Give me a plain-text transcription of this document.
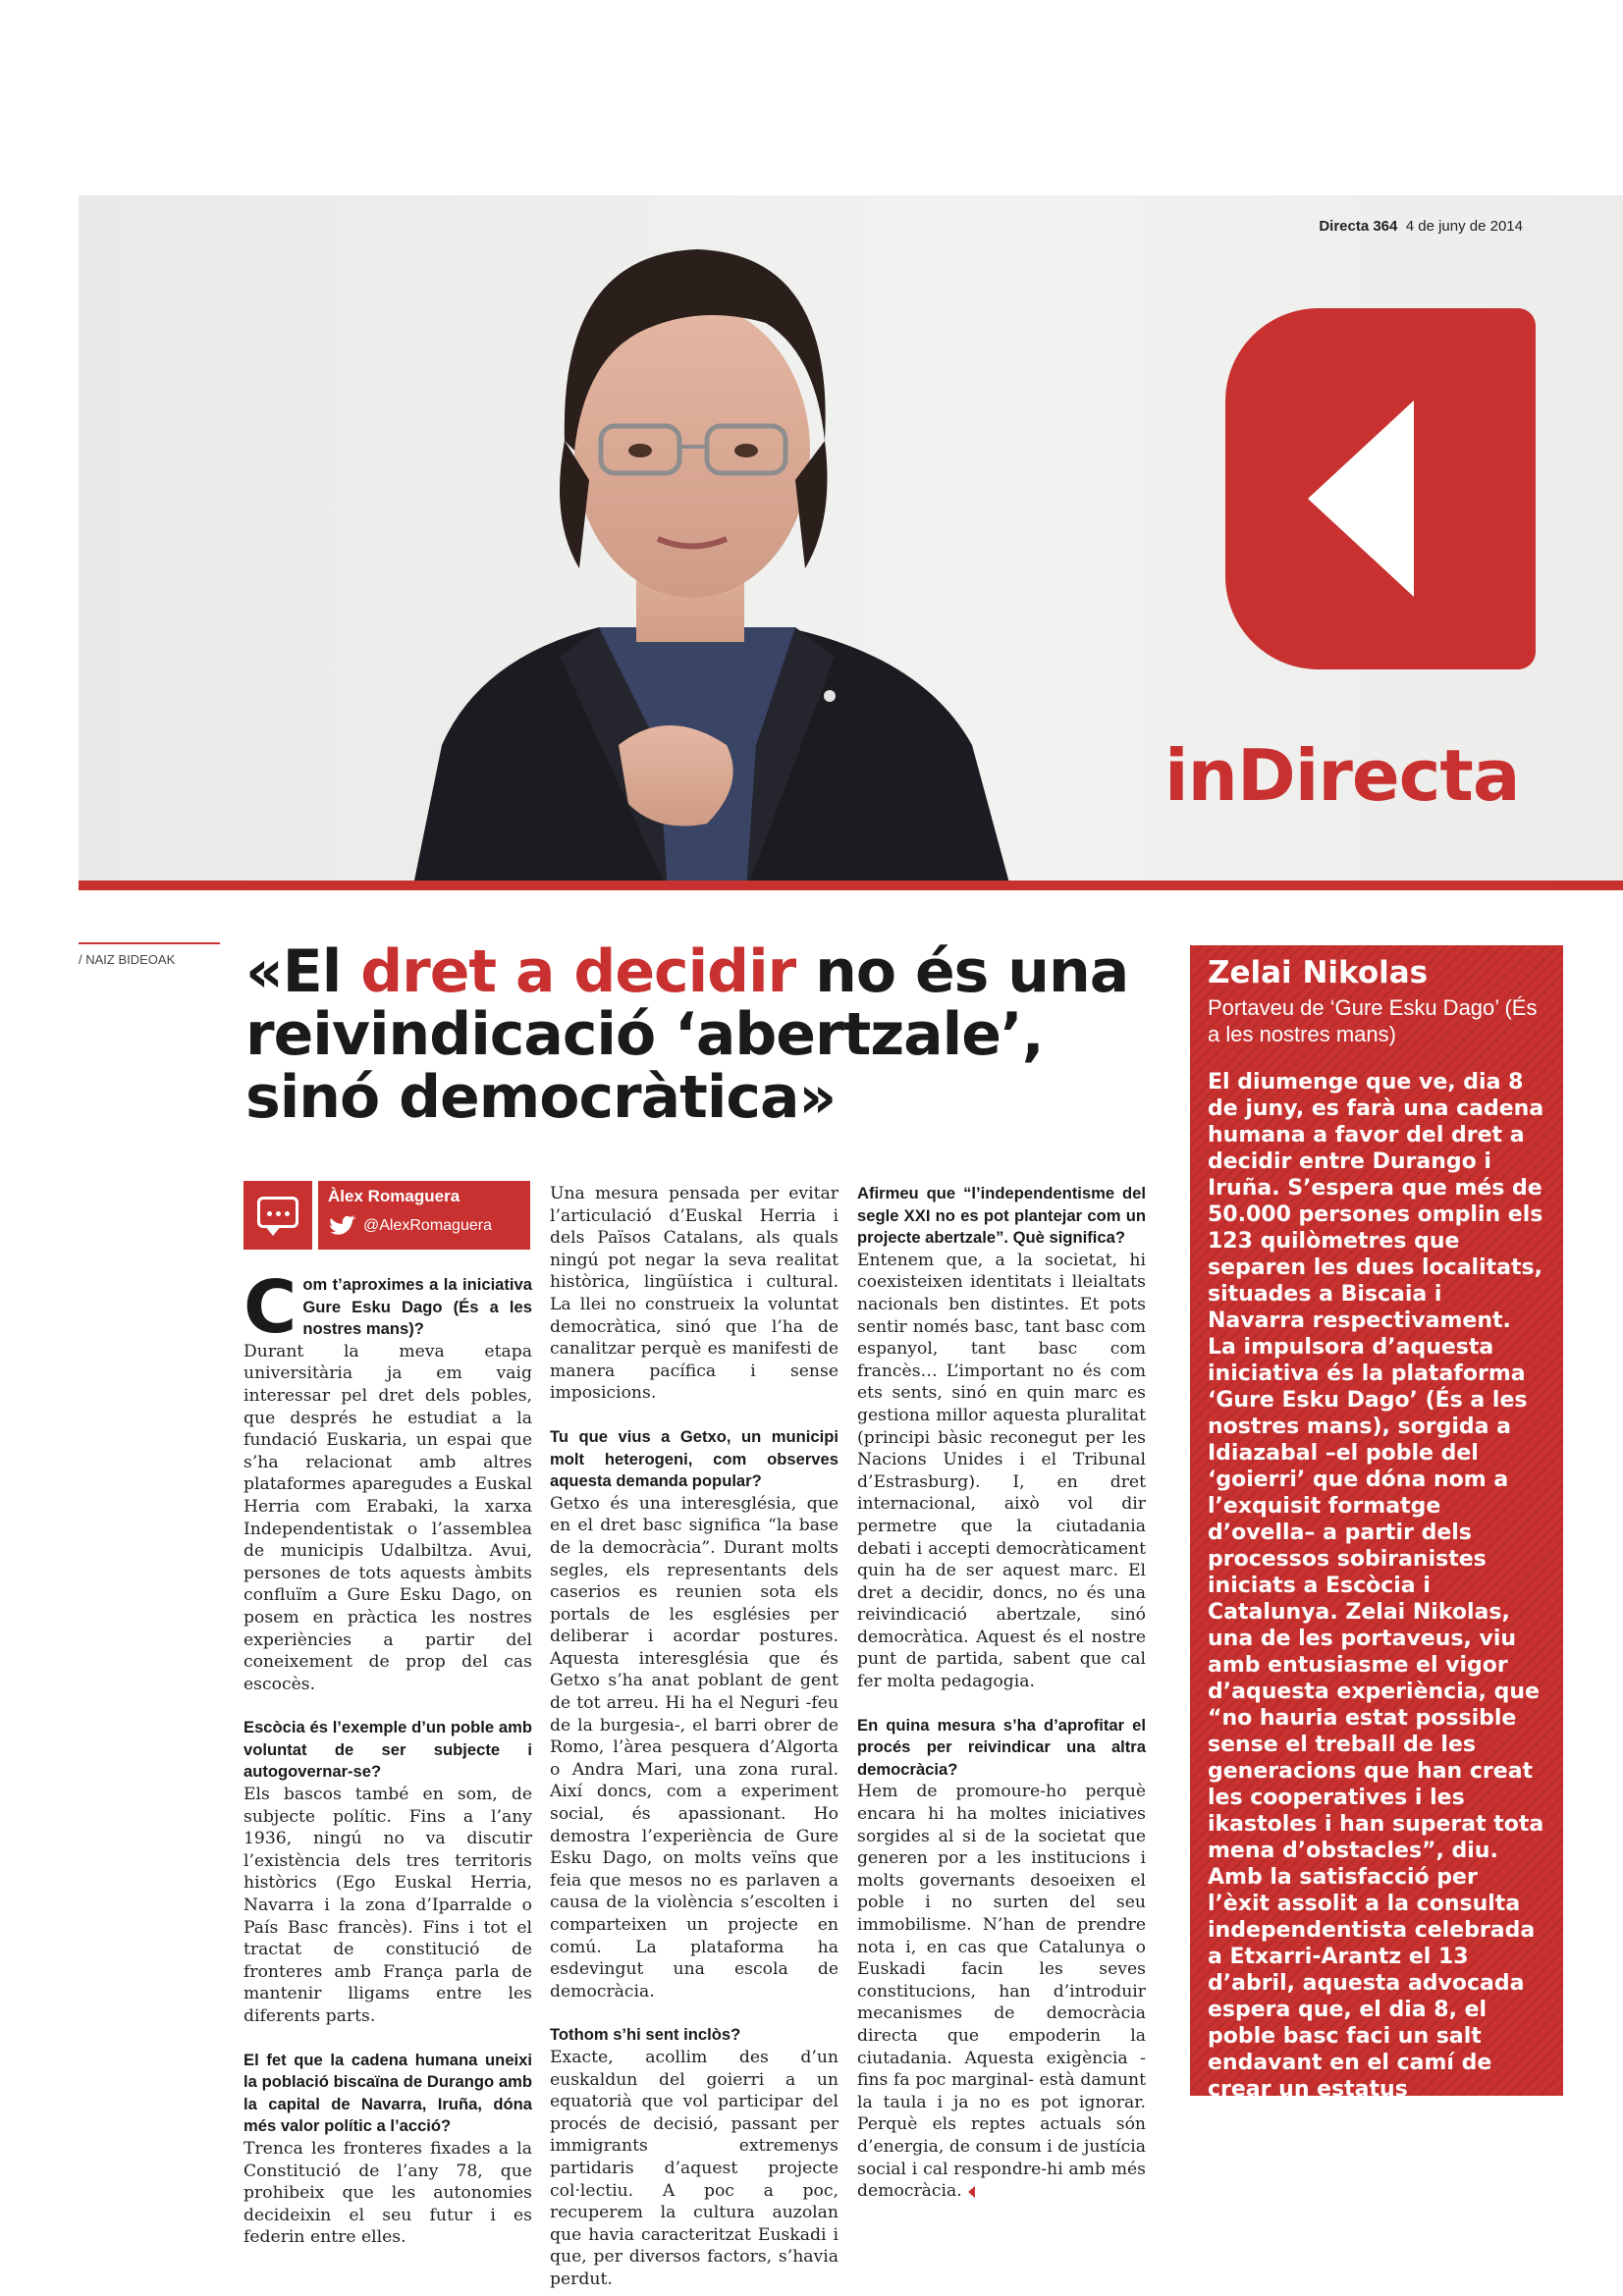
Directa 364 4 de juny de 2014
inDirecta
/ NAIZ BIDEOAK «El dret a decidir no és una reivindicació ‘abertzale’, sinó democràtica»
Àlex Romaguera
@AlexRomaguera

Com t’aproximes a la iniciativa Gure Esku Dago (És a les nostres mans)?

Durant la meva etapa universitària ja em vaig interessar pel dret dels pobles, que després he estudiat a la fundació Euskaria, un espai que s’ha relacionat amb altres plataformes aparegudes a Euskal Herria com Erabaki, la xarxa Independentistak o l’assemblea de municipis Udalbiltza. Avui, persones de tots aquests àmbits confluïm a Gure Esku Dago, on posem en pràctica les nostres experiències a partir del coneixement de prop del cas escocès.

Escòcia és l’exemple d’un poble amb voluntat de ser subjecte i autogovernar-se?

Els bascos també en som, de subjecte polític. Fins a l’any 1936, ningú no va discutir l’existència dels tres territoris històrics (Ego Euskal Herria, Navarra i la zona d’Iparralde o País Basc francès). Fins i tot el tractat de constitució de fronteres amb França parla de mantenir lligams entre les diferents parts.

El fet que la cadena humana uneixi la població biscaïna de Durango amb la capital de Navarra, Iruña, dóna més valor polític a l’acció?

Trenca les fronteres fixades a la Constitució de l’any 78, que prohibeix que les autonomies decideixin el seu futur i es federin entre elles.

Una mesura pensada per evitar l’articulació d’Euskal Herria i dels Països Catalans, als quals ningú pot negar la seva realitat històrica, lingüística i cultural. La llei no construeix la voluntat democràtica, sinó que l’ha de canalitzar perquè es manifesti de manera pacífica i sense imposicions.

Tu que vius a Getxo, un municipi molt heterogeni, com observes aquesta demanda popular?

Getxo és una interesglésia, que en el dret basc significa “la base de la democràcia”. Durant molts segles, els representants dels caserios es reunien sota els portals de les esglésies per deliberar i acordar postures. Aquesta interesglésia que és Getxo s’ha anat poblant de gent de tot arreu. Hi ha el Neguri -feu de la burgesia-, el barri obrer de Romo, l’àrea pesquera d’Algorta o Andra Mari, una zona rural. Així doncs, com a experiment social, és apassionant. Ho demostra l’experiència de Gure Esku Dago, on molts veïns que feia que mesos no es parlaven a causa de la violència s’escolten i comparteixen un projecte en comú. La plataforma ha esdevingut una escola de democràcia.

Tothom s’hi sent inclòs?

Exacte, acollim des d’un euskaldun del goierri a un equatorià que vol participar del procés de decisió, passant per immigrants extremenys partidaris d’aquest projecte col·lectiu. A poc a poc, recuperem la cultura auzolan que havia caracteritzat Euskadi i que, per diversos factors, s’havia perdut.

Afirmeu que “l’independentisme del segle XXI no es pot plantejar com un projecte abertzale”. Què significa?

Entenem que, a la societat, hi coexisteixen identitats i lleialtats nacionals ben distintes. Et pots sentir només basc, tant basc com espanyol, tant basc com francès… L’important no és com ets sents, sinó en quin marc es gestiona millor aquesta pluralitat (principi bàsic reconegut per les Nacions Unides i el Tribunal d’Estrasburg). I, en dret internacional, això vol dir permetre que la ciutadania debati i accepti democràticament quin ha de ser aquest marc. El dret a decidir, doncs, no és una reivindicació abertzale, sinó democràtica. Aquest és el nostre punt de partida, sabent que cal fer molta pedagogia.

En quina mesura s’ha d’aprofitar el procés per reivindicar una altra democràcia?

Hem de promoure-ho perquè encara hi ha moltes iniciatives sorgides al si de la societat que generen por a les institucions i molts governants desoeixen el poble i no surten del seu immobilisme. N’han de prendre nota i, en cas que Catalunya o Euskadi facin les seves constitucions, han d’introduir mecanismes de democràcia directa que empoderin la ciutadania. Aquesta exigència -fins fa poc marginal- està damunt la taula i ja no es pot ignorar. Perquè els reptes actuals són d’energia, de consum i de justícia social i cal respondre-hi amb més democràcia.

Zelai Nikolas
Portaveu de ‘Gure Esku Dago’ (És a les nostres mans)
El diumenge que ve, dia 8 de juny, es farà una cadena humana a favor del dret a decidir entre Durango i Iruña. S’espera que més de 50.000 persones omplin els 123 quilòmetres que separen les dues localitats, situades a Biscaia i Navarra respectivament. La impulsora d’aquesta iniciativa és la plataforma ‘Gure Esku Dago’ (És a les nostres mans), sorgida a Idiazabal –el poble del ‘goierri’ que dóna nom a l’exquisit formatge d’ovella– a partir dels processos sobiranistes iniciats a Escòcia i Catalunya. Zelai Nikolas, una de les portaveus, viu amb entusiasme el vigor d’aquesta experiència, que “no hauria estat possible sense el treball de les generacions que han creat les cooperatives i les ikastoles i han superat tota mena d’obstacles”, diu. Amb la satisfacció per l’èxit assolit a la consulta independentista celebrada a Etxarri-Arantz el 13 d’abril, aquesta advocada espera que, el dia 8, el poble basc faci un salt endavant en el camí de crear un estatus radicalment democràtic.
